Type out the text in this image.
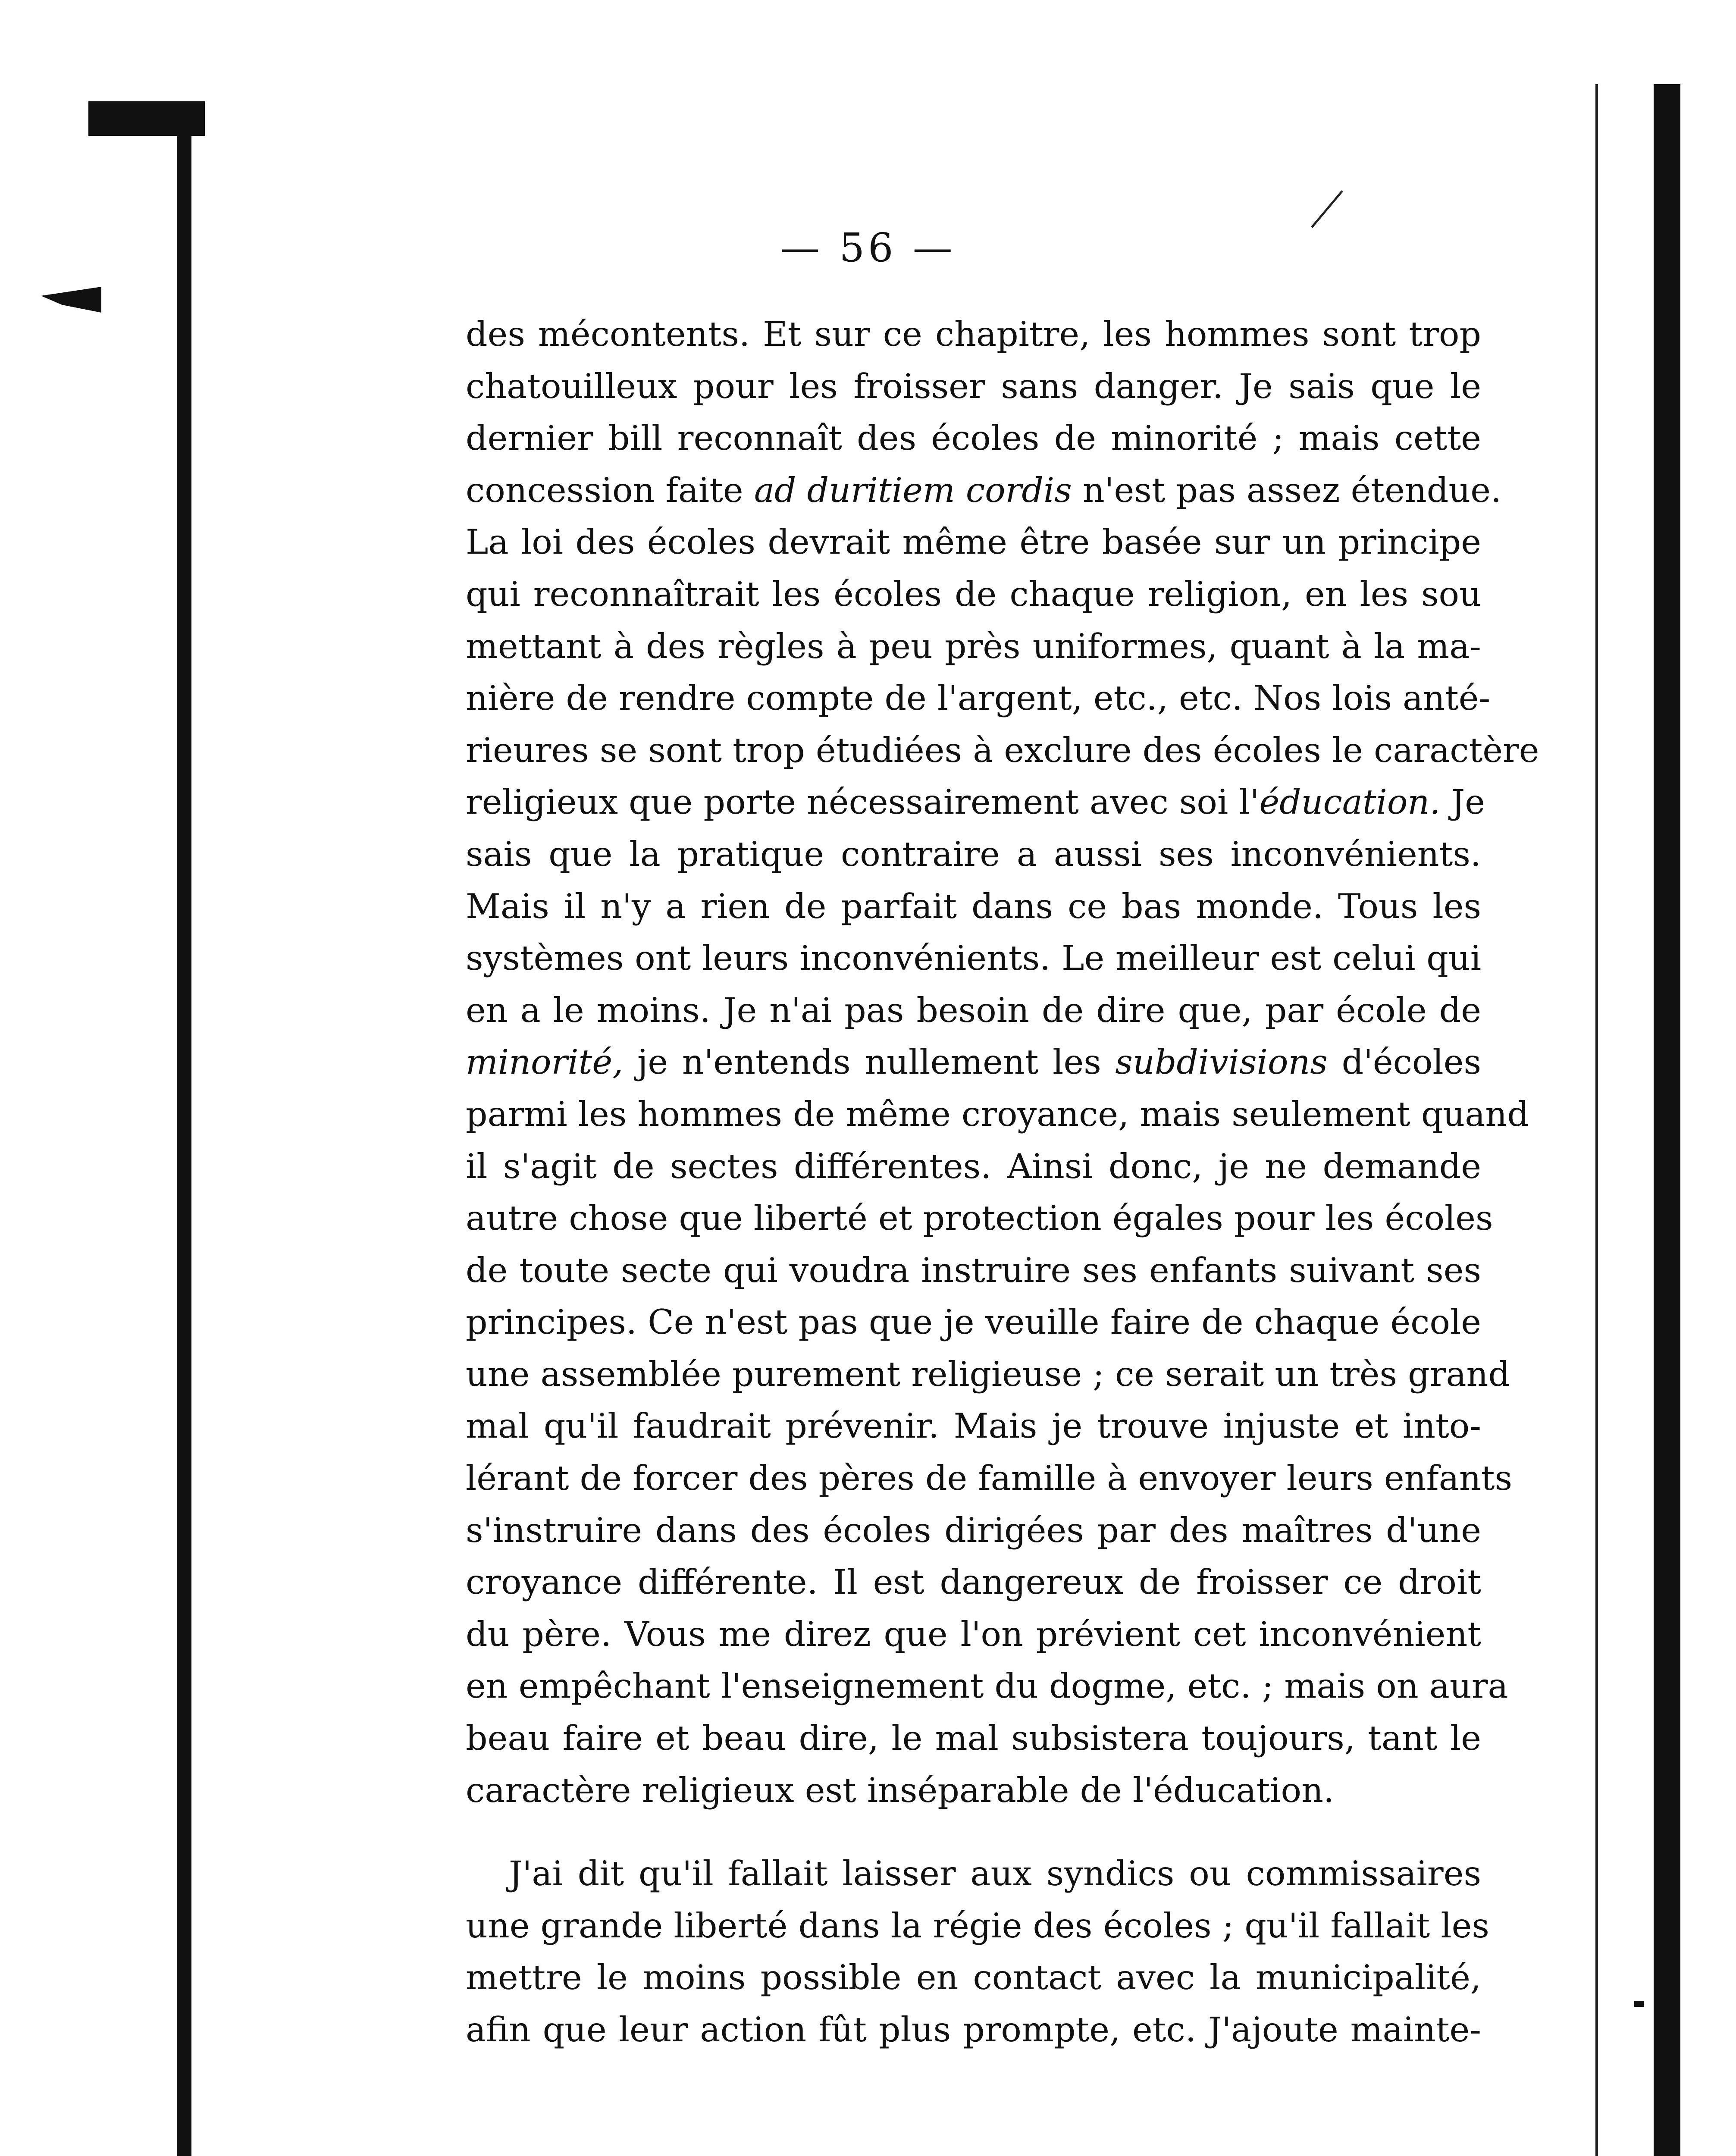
— 56 —
des mécontents. Et sur ce chapitre, les hommes sont trop
chatouilleux pour les froisser sans danger. Je sais que le
dernier bill reconnaît des écoles de minorité ; mais cette
concession faite ad duritiem cordis n'est pas assez étendue.
La loi des écoles devrait même être basée sur un principe
qui reconnaîtrait les écoles de chaque religion, en les sou
mettant à des règles à peu près uniformes, quant à la ma-
nière de rendre compte de l'argent, etc., etc. Nos lois anté-
rieures se sont trop étudiées à exclure des écoles le caractère
religieux que porte nécessairement avec soi l'éducation. Je
sais que la pratique contraire a aussi ses inconvénients.
Mais il n'y a rien de parfait dans ce bas monde. Tous les
systèmes ont leurs inconvénients. Le meilleur est celui qui
en a le moins. Je n'ai pas besoin de dire que, par école de
minorité, je n'entends nullement les subdivisions d'écoles
parmi les hommes de même croyance, mais seulement quand
il s'agit de sectes différentes. Ainsi donc, je ne demande
autre chose que liberté et protection égales pour les écoles
de toute secte qui voudra instruire ses enfants suivant ses
principes. Ce n'est pas que je veuille faire de chaque école
une assemblée purement religieuse ; ce serait un très grand
mal qu'il faudrait prévenir. Mais je trouve injuste et into-
lérant de forcer des pères de famille à envoyer leurs enfants
s'instruire dans des écoles dirigées par des maîtres d'une
croyance différente. Il est dangereux de froisser ce droit
du père. Vous me direz que l'on prévient cet inconvénient
en empêchant l'enseignement du dogme, etc. ; mais on aura
beau faire et beau dire, le mal subsistera toujours, tant le
caractère religieux est inséparable de l'éducation.
J'ai dit qu'il fallait laisser aux syndics ou commissaires
une grande liberté dans la régie des écoles ; qu'il fallait les
mettre le moins possible en contact avec la municipalité,
afin que leur action fût plus prompte, etc. J'ajoute mainte-
